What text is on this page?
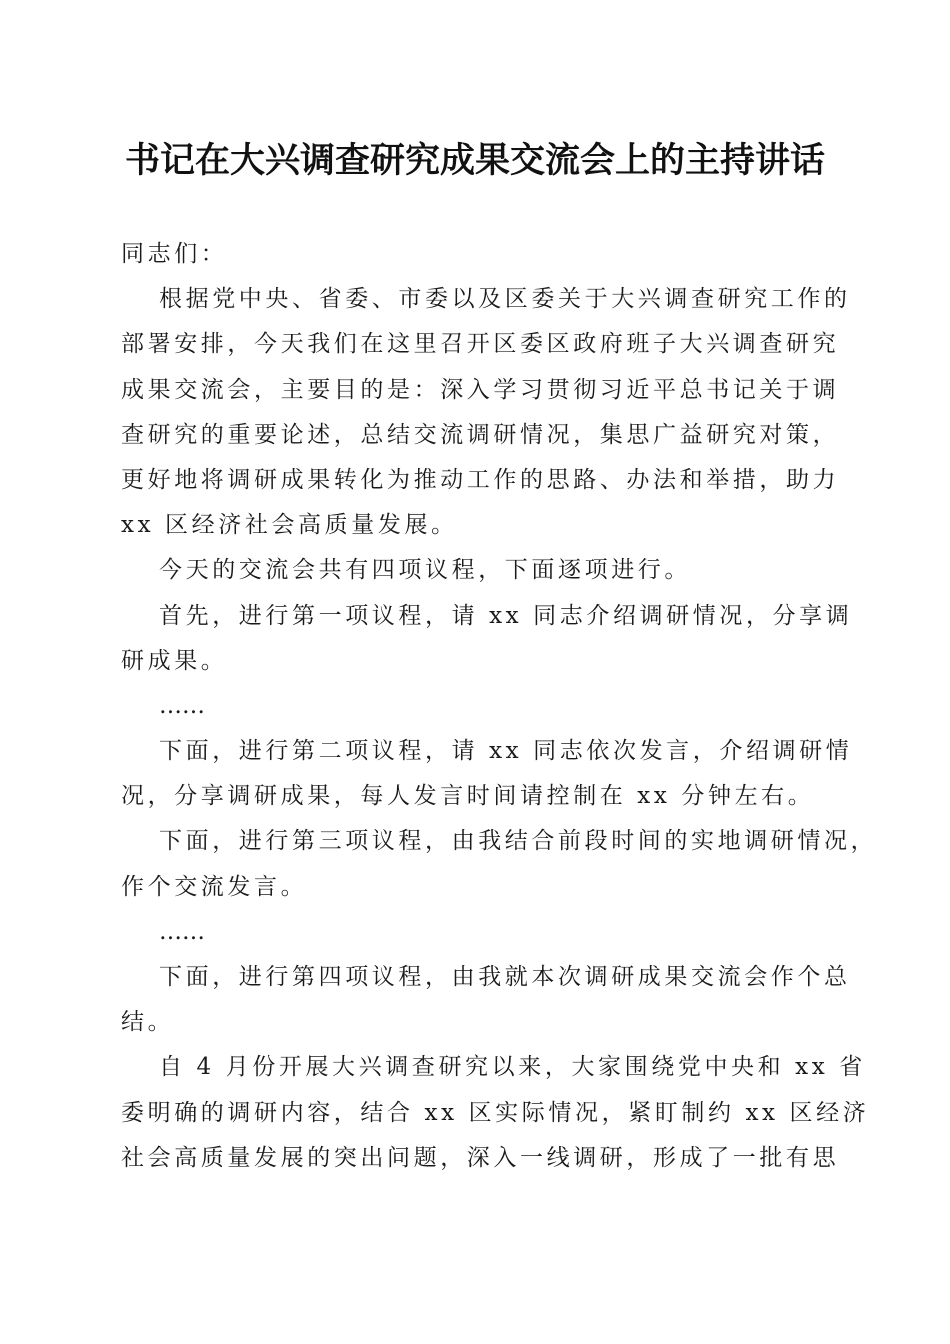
书记在大兴调查研究成果交流会上的主持讲话
同志们：
根据党中央、省委、市委以及区委关于大兴调查研究工作的
部署安排，今天我们在这里召开区委区政府班子大兴调查研究
成果交流会，主要目的是：深入学习贯彻习近平总书记关于调
查研究的重要论述，总结交流调研情况，集思广益研究对策，
更好地将调研成果转化为推动工作的思路、办法和举措，助力
xx 区经济社会高质量发展。
今天的交流会共有四项议程，下面逐项进行。
首先，进行第一项议程，请 xx 同志介绍调研情况，分享调
研成果。
……
下面，进行第二项议程，请 xx 同志依次发言，介绍调研情
况，分享调研成果，每人发言时间请控制在 xx 分钟左右。
下面，进行第三项议程，由我结合前段时间的实地调研情况，
作个交流发言。
……
下面，进行第四项议程，由我就本次调研成果交流会作个总
结。
自 4 月份开展大兴调查研究以来，大家围绕党中央和 xx 省
委明确的调研内容，结合 xx 区实际情况，紧盯制约 xx 区经济
社会高质量发展的突出问题，深入一线调研，形成了一批有思
